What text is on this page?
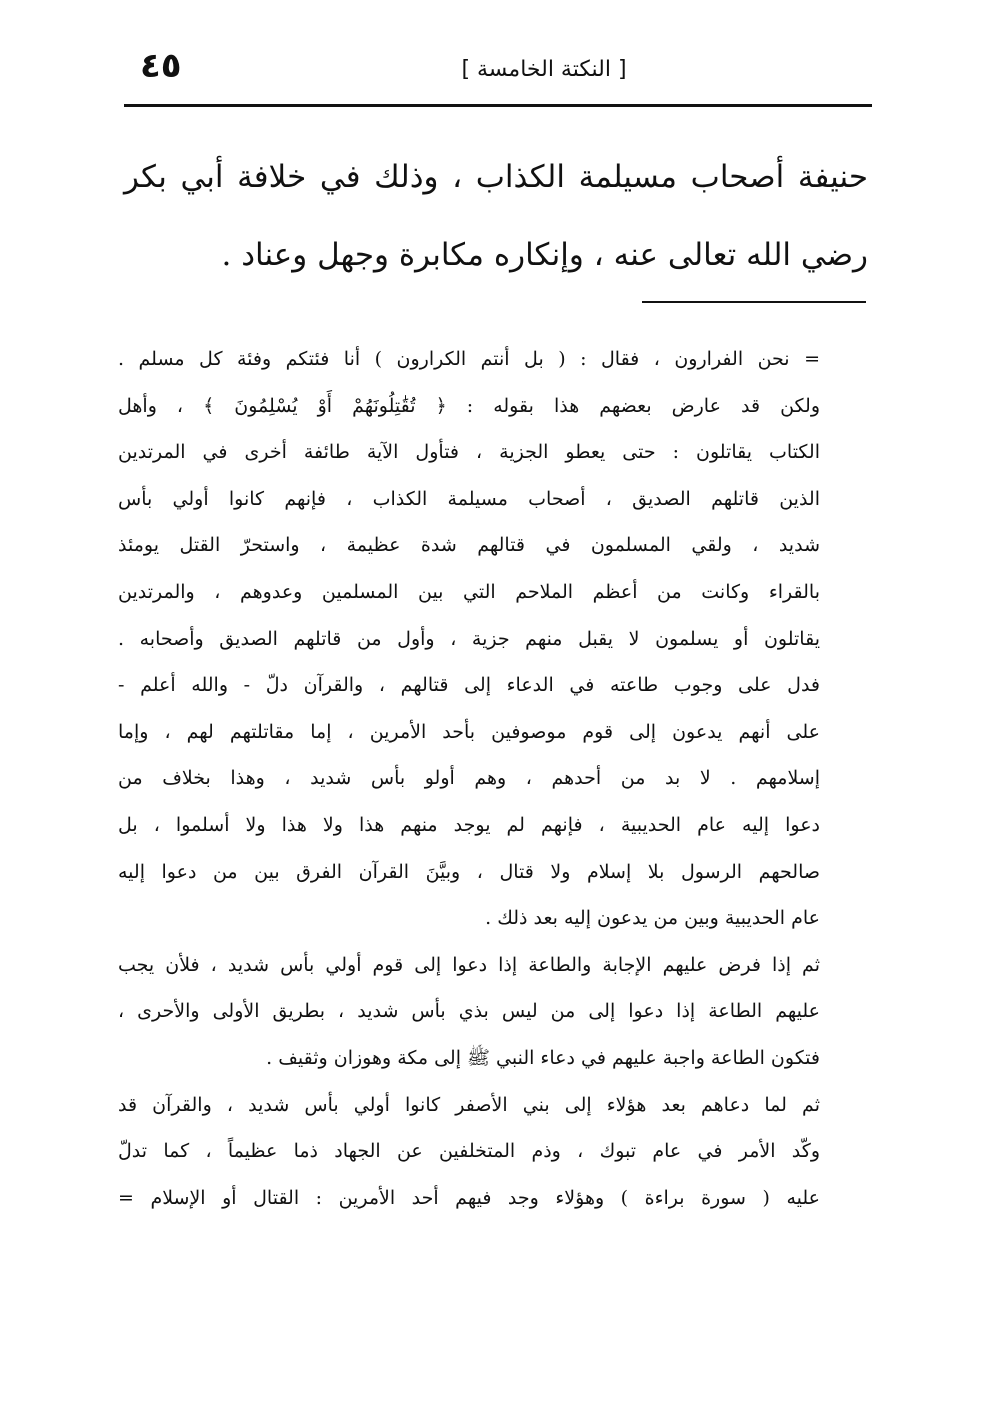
[ النكتة الخامسة ]
٤٥
حنيفة أصحاب مسيلمة الكذاب ، وذلك في خلافة أبي بكر
رضي الله تعالى عنه ، وإنكاره مكابرة وجهل وعناد .
= نحن الفرارون ، فقال : ( بل أنتم الكرارون ) أنا فئتكم وفئة كل مسلم .
ولكن قد عارض بعضهم هذا بقوله : ﴿ تُقَٰتِلُونَهُمْ أَوْ يُسْلِمُونَ ﴾ ، وأهل
الكتاب يقاتلون : حتى يعطو الجزية ، فتأول الآية طائفة أخرى في المرتدين
الذين قاتلهم الصديق ، أصحاب مسيلمة الكذاب ، فإنهم كانوا أولي بأس
شديد ، ولقي المسلمون في قتالهم شدة عظيمة ، واستحرّ القتل يومئذ
بالقراء وكانت من أعظم الملاحم التي بين المسلمين وعدوهم ، والمرتدين
يقاتلون أو يسلمون لا يقبل منهم جزية ، وأول من قاتلهم الصديق وأصحابه .
فدل على وجوب طاعته في الدعاء إلى قتالهم ، والقرآن دلّ - والله أعلم -
على أنهم يدعون إلى قوم موصوفين بأحد الأمرين ، إما مقاتلتهم لهم ، وإما
إسلامهم . لا بد من أحدهم ، وهم أولو بأس شديد ، وهذا بخلاف من
دعوا إليه عام الحديبية ، فإنهم لم يوجد منهم هذا ولا هذا ولا أسلموا ، بل
صالحهم الرسول بلا إسلام ولا قتال ، وبيَّنَ القرآن الفرق بين من دعوا إليه
عام الحديبية وبين من يدعون إليه بعد ذلك .
ثم إذا فرض عليهم الإجابة والطاعة إذا دعوا إلى قوم أولي بأس شديد ، فلأن يجب
عليهم الطاعة إذا دعوا إلى من ليس بذي بأس شديد ، بطريق الأولى والأحرى ،
فتكون الطاعة واجبة عليهم في دعاء النبي ﷺ إلى مكة وهوزان وثقيف .
ثم لما دعاهم بعد هؤلاء إلى بني الأصفر كانوا أولي بأس شديد ، والقرآن قد
وكّد الأمر في عام تبوك ، وذم المتخلفين عن الجهاد ذما عظيماً ، كما تدلّ
عليه ( سورة براءة ) وهؤلاء وجد فيهم أحد الأمرين : القتال أو الإسلام =
